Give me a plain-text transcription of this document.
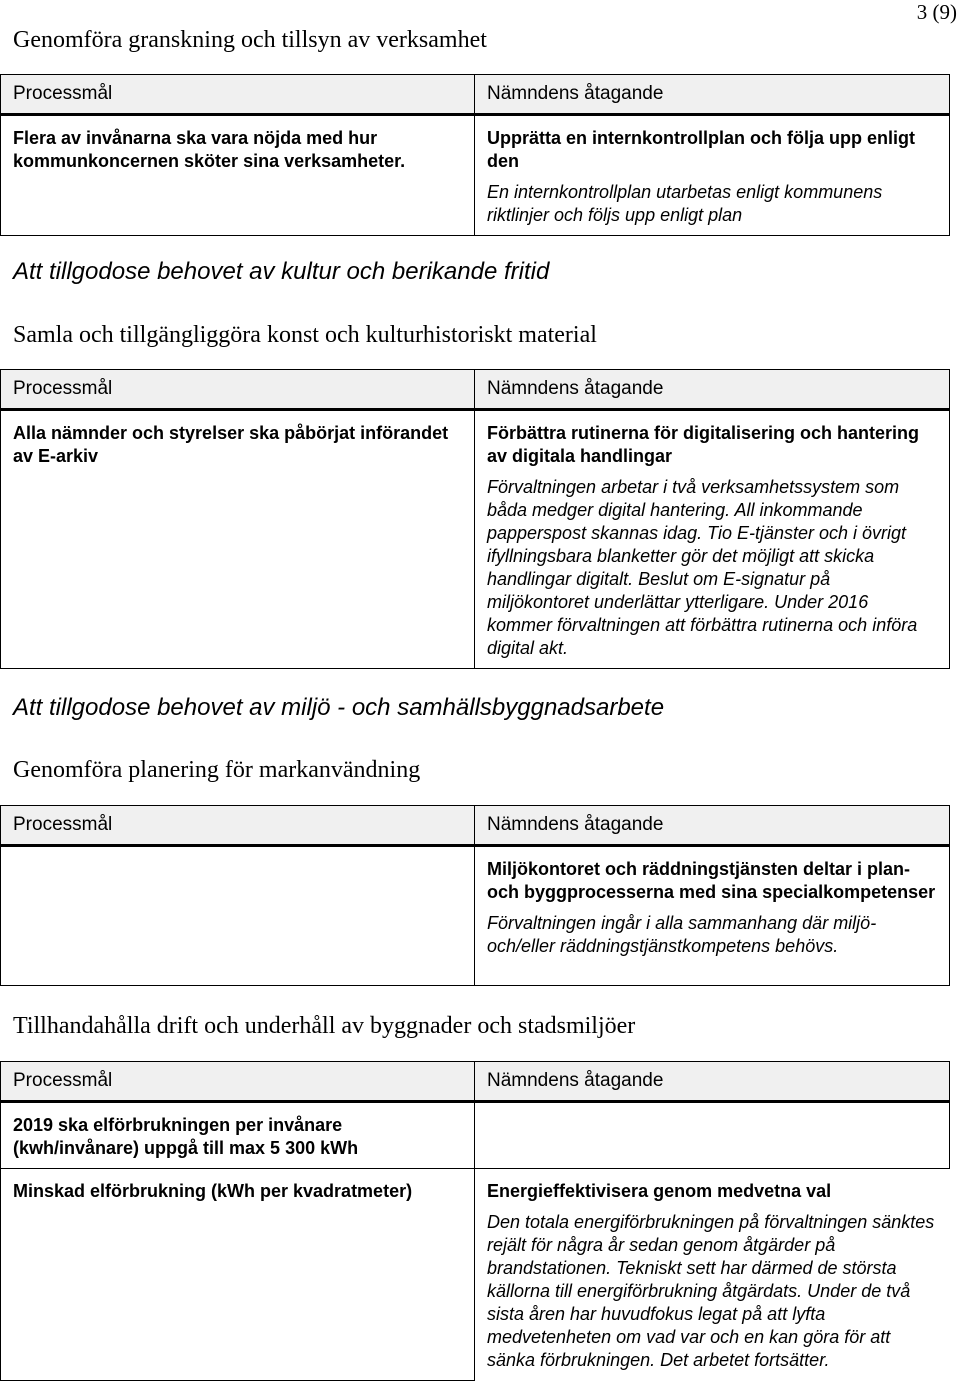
3 (9)
Genomföra granskning och tillsyn av verksamhet
Processmål	Nämndens åtagande

Flera av invånarna ska vara nöjda med hur kommunkoncernen sköter sina verksamheter.	Upprätta en internkontrollplan och följa upp enligt den
En internkontrollplan utarbetas enligt kommunens riktlinjer och följs upp enligt plan
Att tillgodose behovet av kultur och berikande fritid
Samla och tillgängliggöra konst och kulturhistoriskt material
Processmål	Nämndens åtagande

Alla nämnder och styrelser ska påbörjat införandet av E-arkiv	Förbättra rutinerna för digitalisering och hantering av digitala handlingar
Förvaltningen arbetar i två verksamhetssystem som båda medger digital hantering. All inkommande papperspost skannas idag. Tio E-tjänster och i övrigt ifyllningsbara blanketter gör det möjligt att skicka handlingar digitalt. Beslut om E-signatur på miljökontoret underlättar ytterligare. Under 2016 kommer förvaltningen att förbättra rutinerna och införa digital akt.
Att tillgodose behovet av miljö - och samhällsbyggnadsarbete
Genomföra planering för markanvändning
Processmål	Nämndens åtagande

	Miljökontoret och räddningstjänsten deltar i plan- och byggprocesserna med sina specialkompetenser
Förvaltningen ingår i alla sammanhang där miljö- och/eller räddningstjänstkompetens behövs.
Tillhandahålla drift och underhåll av byggnader och stadsmiljöer
Processmål	Nämndens åtagande

2019 ska elförbrukningen per invånare (kwh/invånare) uppgå till max 5 300 kWh	

Minskad elförbrukning (kWh per kvadratmeter)	Energieffektivisera genom medvetna val
Den totala energiförbrukningen på förvaltningen sänktes rejält för några år sedan genom åtgärder på brandstationen. Tekniskt sett har därmed de största källorna till energiförbrukning åtgärdats. Under de två sista åren har huvudfokus legat på att lyfta medvetenheten om vad var och en kan göra för att sänka förbrukningen. Det arbetet fortsätter.
